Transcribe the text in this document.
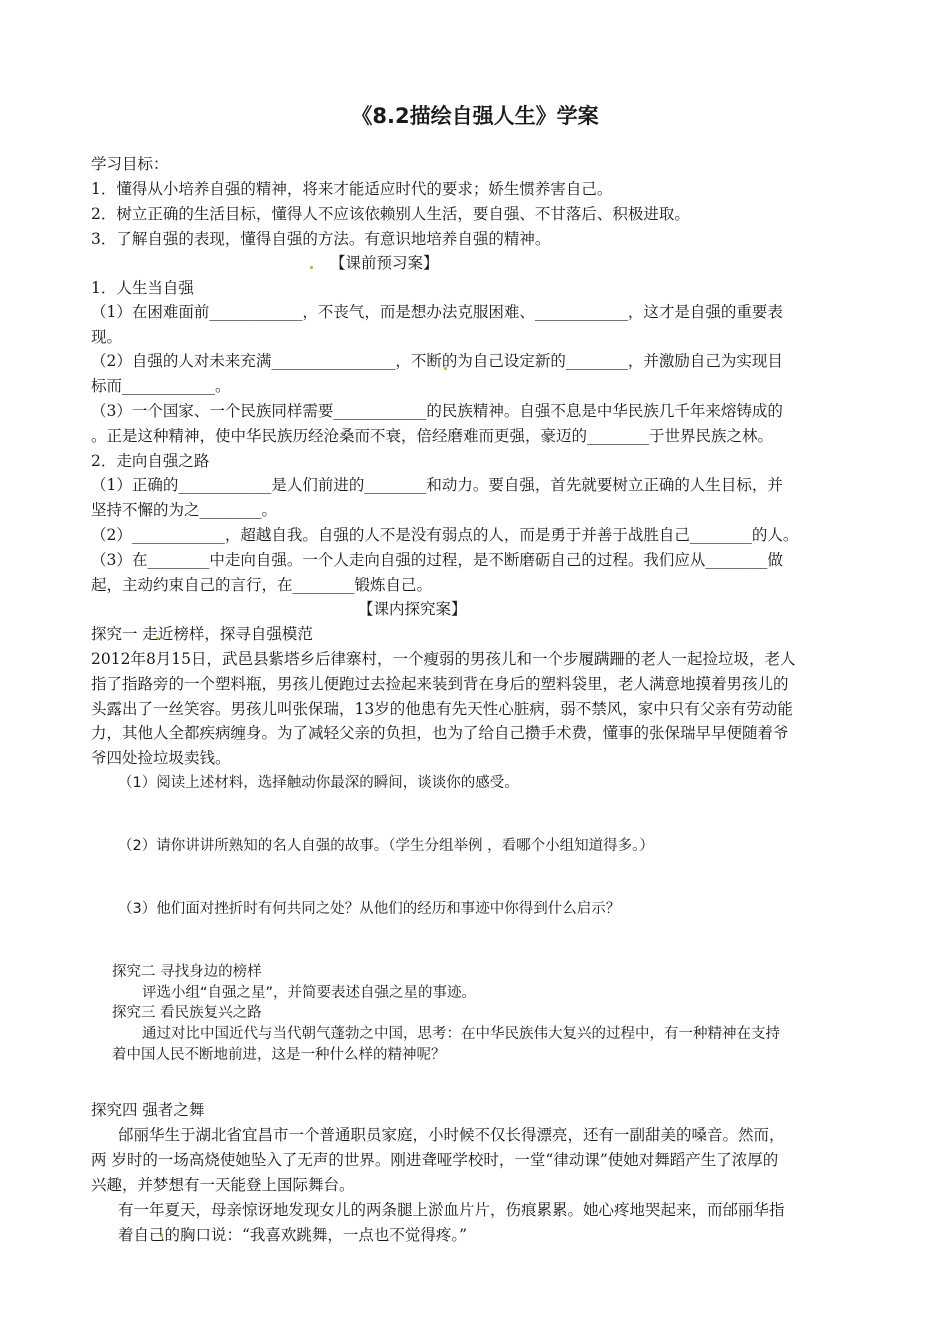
《8.2描绘自强人生》学案
学习目标：
1．懂得从小培养自强的精神，将来才能适应时代的要求；娇生惯养害自己。
2．树立正确的生活目标，懂得人不应该依赖别人生活，要自强、不甘落后、积极进取。
3．了解自强的表现，懂得自强的方法。有意识地培养自强的精神。
【课前预习案】
1．人生当自强
（1）在困难面前____________，不丧气，而是想办法克服困难、____________，这才是自强的重要表
现。
（2）自强的人对未来充满________________，不断的为自己设定新的________，并激励自己为实现目
标而____________。
（3）一个国家、一个民族同样需要____________的民族精神。自强不息是中华民族几千年来熔铸成的
。正是这种精神，使中华民族历经沧桑而不衰，倍经磨难而更强，豪迈的________于世界民族之林。
2．走向自强之路
（1）正确的____________是人们前进的________和动力。要自强，首先就要树立正确的人生目标，并
坚持不懈的为之________。
（2）____________，超越自我。自强的人不是没有弱点的人，而是勇于并善于战胜自己________的人。
（3）在________中走向自强。一个人走向自强的过程，是不断磨砺自己的过程。我们应从________做
起，主动约束自己的言行，在________锻炼自己。
【课内探究案】
探究一 走近榜样，探寻自强模范
2012年8月15日，武邑县紫塔乡后律寨村，一个瘦弱的男孩儿和一个步履蹒跚的老人一起捡垃圾，老人
指了指路旁的一个塑料瓶，男孩儿便跑过去捡起来装到背在身后的塑料袋里，老人满意地摸着男孩儿的
头露出了一丝笑容。男孩儿叫张保瑞，13岁的他患有先天性心脏病，弱不禁风，家中只有父亲有劳动能
力，其他人全都疾病缠身。为了减轻父亲的负担，也为了给自己攒手术费，懂事的张保瑞早早便随着爷
爷四处捡垃圾卖钱。
（1）阅读上述材料，选择触动你最深的瞬间，谈谈你的感受。
（2）请你讲讲所熟知的名人自强的故事。（学生分组举例 ，看哪个小组知道得多。）
（3）他们面对挫折时有何共同之处？从他们的经历和事迹中你得到什么启示？
探究二 寻找身边的榜样
评选小组“自强之星”，并简要表述自强之星的事迹。
探究三 看民族复兴之路
通过对比中国近代与当代朝气蓬勃之中国，思考：在中华民族伟大复兴的过程中，有一种精神在支持
着中国人民不断地前进，这是一种什么样的精神呢？
探究四 强者之舞
邰丽华生于湖北省宜昌市一个普通职员家庭，小时候不仅长得漂亮，还有一副甜美的嗓音。然而，
两 岁时的一场高烧使她坠入了无声的世界。刚进聋哑学校时，一堂“律动课”使她对舞蹈产生了浓厚的
兴趣，并梦想有一天能登上国际舞台。
有一年夏天，母亲惊讶地发现女儿的两条腿上淤血片片，伤痕累累。她心疼地哭起来，而邰丽华指
着自己的胸口说：“我喜欢跳舞，一点也不觉得疼。”
